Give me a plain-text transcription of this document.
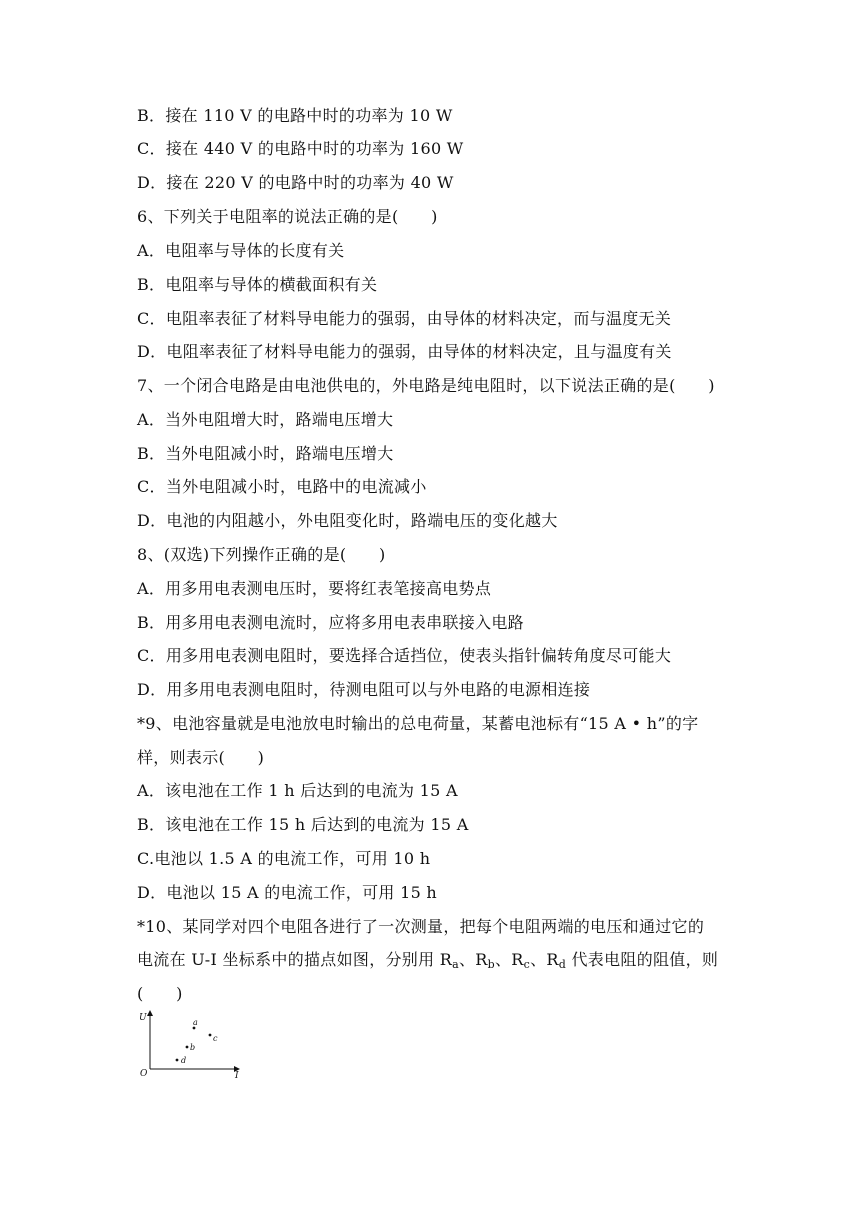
B．接在 110 V 的电路中时的功率为 10 W
C．接在 440 V 的电路中时的功率为 160 W
D．接在 220 V 的电路中时的功率为 40 W
6、下列关于电阻率的说法正确的是(　　)
A．电阻率与导体的长度有关
B．电阻率与导体的横截面积有关
C．电阻率表征了材料导电能力的强弱，由导体的材料决定，而与温度无关
D．电阻率表征了材料导电能力的强弱，由导体的材料决定，且与温度有关
7、一个闭合电路是由电池供电的，外电路是纯电阻时，以下说法正确的是(　　)
A．当外电阻增大时，路端电压增大
B．当外电阻减小时，路端电压增大
C．当外电阻减小时，电路中的电流减小
D．电池的内阻越小，外电阻变化时，路端电压的变化越大
8、(双选)下列操作正确的是(　　)
A．用多用电表测电压时，要将红表笔接高电势点
B．用多用电表测电流时，应将多用电表串联接入电路
C．用多用电表测电阻时，要选择合适挡位，使表头指针偏转角度尽可能大
D．用多用电表测电阻时，待测电阻可以与外电路的电源相连接
*9、电池容量就是电池放电时输出的总电荷量，某蓄电池标有“15 A • h”的字
样，则表示(　　)
A．该电池在工作 1 h 后达到的电流为 15 A
B．该电池在工作 15 h 后达到的电流为 15 A
C.电池以 1.5 A 的电流工作，可用 10 h
D．电池以 15 A 的电流工作，可用 15 h
*10、某同学对四个电阻各进行了一次测量，把每个电阻两端的电压和通过它的
电流在 U-I 坐标系中的描点如图，分别用 $R_a$、$R_b$、$R_c$、$R_d$ 代表电阻的阻值，则
(　　)
U
I
O
a
c
b
d
